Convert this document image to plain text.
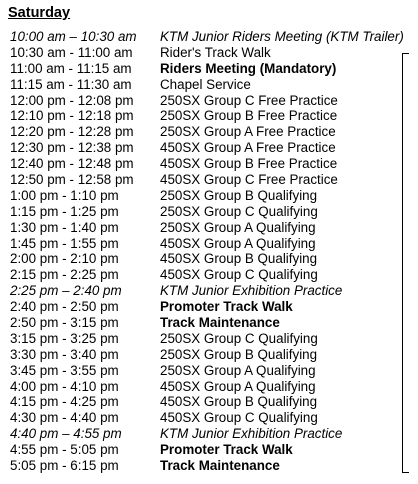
Saturday
10:00 am – 10:30 am KTM Junior Riders Meeting (KTM Trailer)
10:30 am - 11:00 am Rider's Track Walk
11:00 am - 11:15 am Riders Meeting (Mandatory)
11:15 am - 11:30 am Chapel Service
12:00 pm - 12:08 pm 250SX Group C Free Practice
12:10 pm - 12:18 pm 250SX Group B Free Practice
12:20 pm - 12:28 pm 250SX Group A Free Practice
12:30 pm - 12:38 pm 450SX Group A Free Practice
12:40 pm - 12:48 pm 450SX Group B Free Practice
12:50 pm - 12:58 pm 450SX Group C Free Practice
1:00 pm - 1:10 pm	250SX Group B Qualifying
1:15 pm - 1:25 pm	250SX Group C Qualifying
1:30 pm - 1:40 pm	250SX Group A Qualifying
1:45 pm - 1:55 pm	450SX Group A Qualifying
2:00 pm - 2:10 pm	450SX Group B Qualifying
2:15 pm - 2:25 pm	450SX Group C Qualifying
2:25 pm – 2:40 pm	KTM Junior Exhibition Practice
2:40 pm - 2:50 pm	Promoter Track Walk
2:50 pm - 3:15 pm	Track Maintenance
3:15 pm - 3:25 pm	250SX Group C Qualifying
3:30 pm - 3:40 pm	250SX Group B Qualifying
3:45 pm - 3:55 pm	250SX Group A Qualifying
4:00 pm - 4:10 pm	450SX Group A Qualifying
4:15 pm - 4:25 pm	450SX Group B Qualifying
4:30 pm - 4:40 pm	450SX Group C Qualifying
4:40 pm – 4:55 pm	KTM Junior Exhibition Practice
4:55 pm - 5:05 pm	Promoter Track Walk
5:05 pm - 6:15 pm	Track Maintenance
